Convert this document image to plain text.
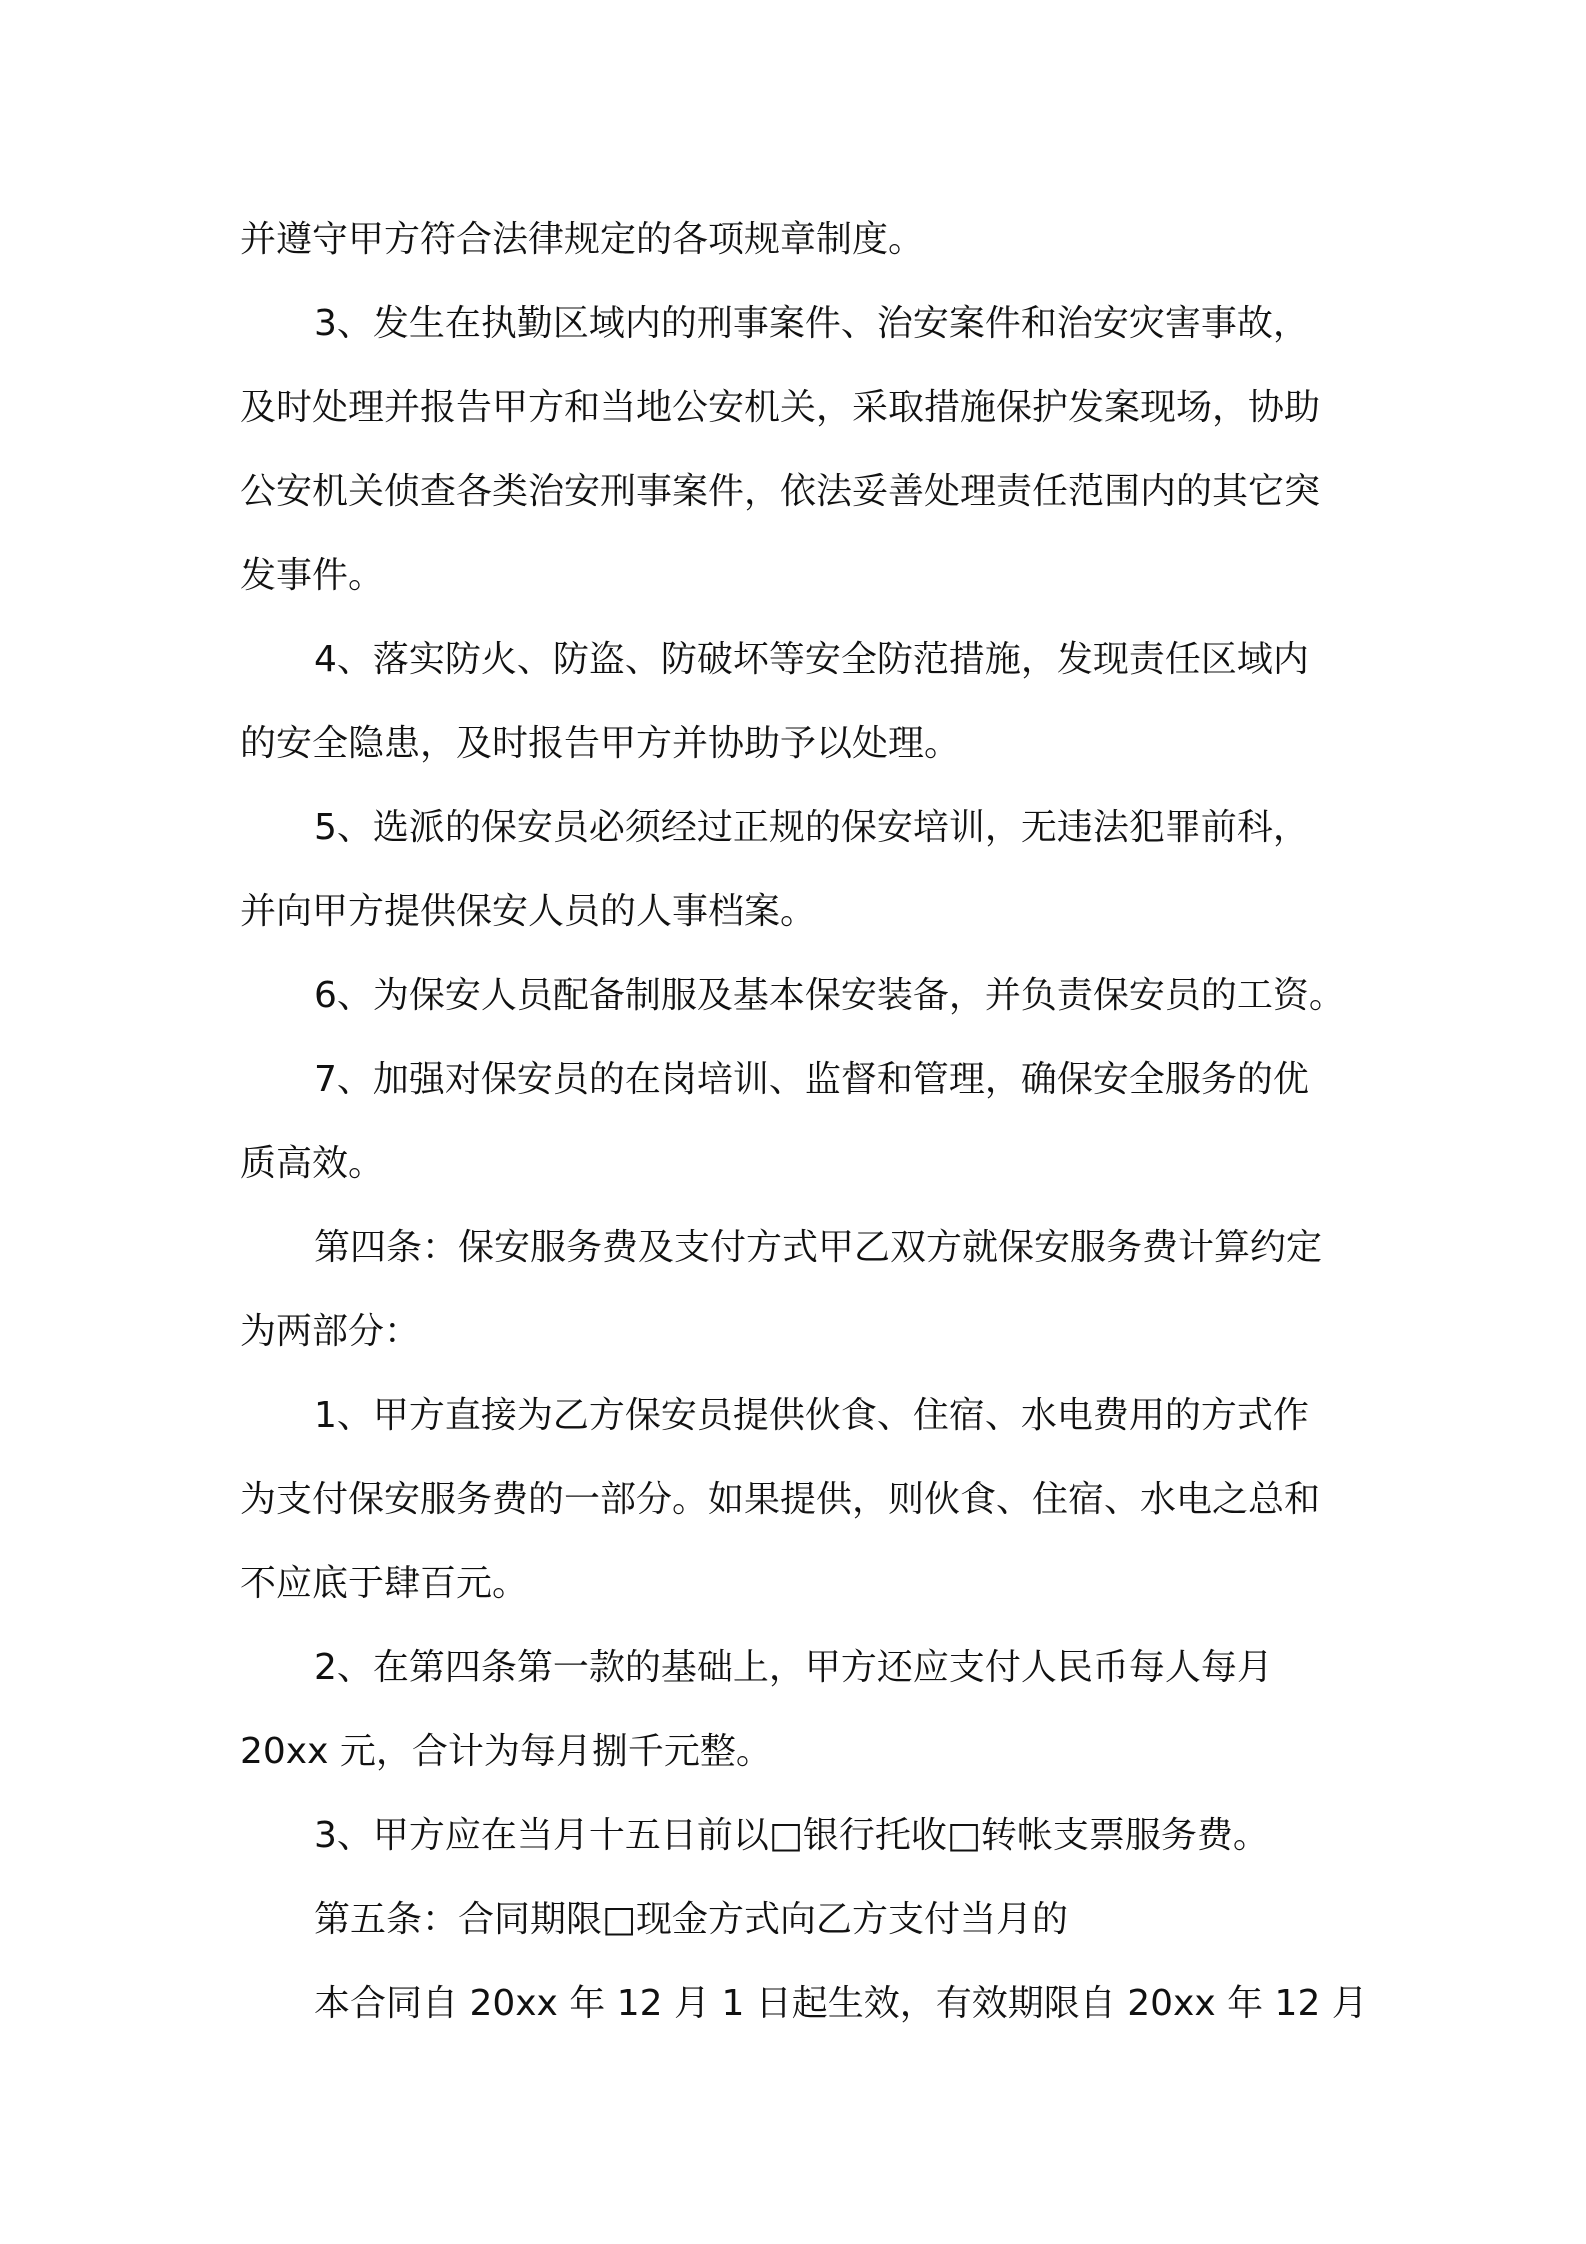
并遵守甲方符合法律规定的各项规章制度。
3、发生在执勤区域内的刑事案件、治安案件和治安灾害事故，
及时处理并报告甲方和当地公安机关，采取措施保护发案现场，协助
公安机关侦查各类治安刑事案件，依法妥善处理责任范围内的其它突
发事件。
4、落实防火、防盗、防破坏等安全防范措施，发现责任区域内
的安全隐患，及时报告甲方并协助予以处理。
5、选派的保安员必须经过正规的保安培训，无违法犯罪前科，
并向甲方提供保安人员的人事档案。
6、为保安人员配备制服及基本保安装备，并负责保安员的工资。
7、加强对保安员的在岗培训、监督和管理，确保安全服务的优
质高效。
第四条：保安服务费及支付方式甲乙双方就保安服务费计算约定
为两部分：
1、甲方直接为乙方保安员提供伙食、住宿、水电费用的方式作
为支付保安服务费的一部分。如果提供，则伙食、住宿、水电之总和
不应底于肆百元。
2、在第四条第一款的基础上，甲方还应支付人民币每人每月
20xx 元，合计为每月捌千元整。
3、甲方应在当月十五日前以□银行托收□转帐支票服务费。
第五条：合同期限□现金方式向乙方支付当月的
本合同自 20xx 年 12 月 1 日起生效，有效期限自 20xx 年 12 月
